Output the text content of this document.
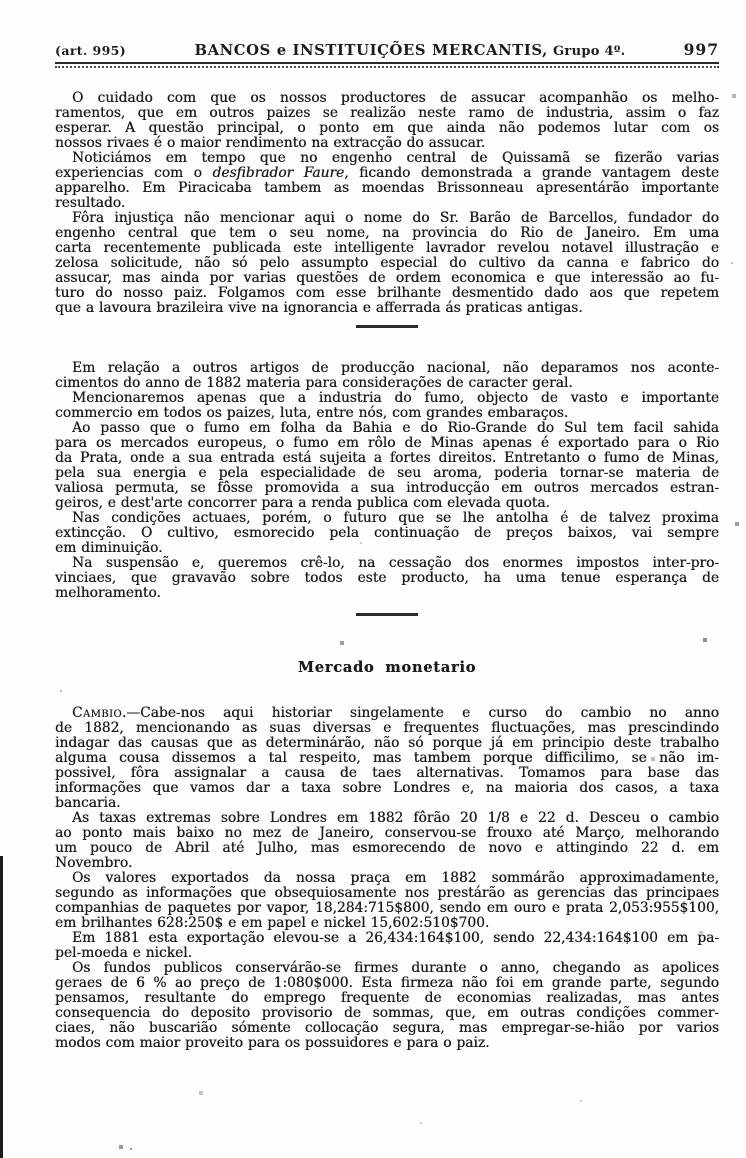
(art. 995)	BANCOS e INSTITUIÇÕES MERCANTIS, Grupo 4º.	997
O cuidado com que os nossos productores de assucar acompanhão os melho-
ramentos, que em outros paizes se realizão neste ramo de industria, assim o faz
esperar. A questão principal, o ponto em que ainda não podemos lutar com os
nossos rivaes é o maior rendimento na extracção do assucar.
Noticiámos em tempo que no engenho central de Quissamã se fizerão varias
experiencias com o desfibrador Faure, ficando demonstrada a grande vantagem deste
apparelho. Em Piracicaba tambem as moendas Brissonneau apresentárão importante
resultado.
Fôra injustiça não mencionar aqui o nome do Sr. Barão de Barcellos, fundador do
engenho central que tem o seu nome, na provincia do Rio de Janeiro. Em uma
carta recentemente publicada este intelligente lavrador revelou notavel illustração e
zelosa solicitude, não só pelo assumpto especial do cultivo da canna e fabrico do
assucar, mas ainda por varias questões de ordem economica e que interessão ao fu-
turo do nosso paiz. Folgamos com esse brilhante desmentido dado aos que repetem
que a lavoura brazileira vive na ignorancia e afferrada ás praticas antigas.
Em relação a outros artigos de producção nacional, não deparamos nos aconte-
cimentos do anno de 1882 materia para considerações de caracter geral.
Mencionaremos apenas que a industria do fumo, objecto de vasto e importante
commercio em todos os paizes, luta, entre nós, com grandes embaraços.
Ao passo que o fumo em folha da Bahia e do Rio-Grande do Sul tem facil sahida
para os mercados europeus, o fumo em rôlo de Minas apenas é exportado para o Rio
da Prata, onde a sua entrada está sujeita a fortes direitos. Entretanto o fumo de Minas,
pela sua energia e pela especialidade de seu aroma, poderia tornar-se materia de
valiosa permuta, se fôsse promovida a sua introducção em outros mercados estran-
geiros, e dest'arte concorrer para a renda publica com elevada quota.
Nas condições actuaes, porém, o futuro que se lhe antolha é de talvez proxima
extincção. O cultivo, esmorecido pela continuação de preços baixos, vai sempre
em diminuição.
Na suspensão e, queremos crê-lo, na cessação dos enormes impostos inter-pro-
vinciaes, que gravavão sobre todos este producto, ha uma tenue esperança de
melhoramento.
Mercado monetario
Cambio.—Cabe-nos aqui historiar singelamente e curso do cambio no anno
de 1882, mencionando as suas diversas e frequentes fluctuações, mas prescindindo
indagar das causas que as determinárão, não só porque já em principio deste trabalho
alguma cousa dissemos a tal respeito, mas tambem porque difficilimo, se não im-
possivel, fôra assignalar a causa de taes alternativas. Tomamos para base das
informações que vamos dar a taxa sobre Londres e, na maioria dos casos, a taxa
bancaria.
As taxas extremas sobre Londres em 1882 fôrão 20 1/8 e 22 d. Desceu o cambio
ao ponto mais baixo no mez de Janeiro, conservou-se frouxo até Março, melhorando
um pouco de Abril até Julho, mas esmorecendo de novo e attingindo 22 d. em
Novembro.
Os valores exportados da nossa praça em 1882 sommárão approximadamente,
segundo as informações que obsequiosamente nos prestárão as gerencias das principaes
companhias de paquetes por vapor, 18,284:715$800, sendo em ouro e prata 2,053:955$100,
em brilhantes 628:250$ e em papel e nickel 15,602:510$700.
Em 1881 esta exportação elevou-se a 26,434:164$100, sendo 22,434:164$100 em pa-
pel-moeda e nickel.
Os fundos publicos conservárão-se firmes durante o anno, chegando as apolices
geraes de 6 % ao preço de 1:080$000. Esta firmeza não foi em grande parte, segundo
pensamos, resultante do emprego frequente de economias realizadas, mas antes
consequencia do deposito provisorio de sommas, que, em outras condições commer-
ciaes, não buscarião sómente collocação segura, mas empregar-se-hião por varios
modos com maior proveito para os possuidores e para o paiz.
